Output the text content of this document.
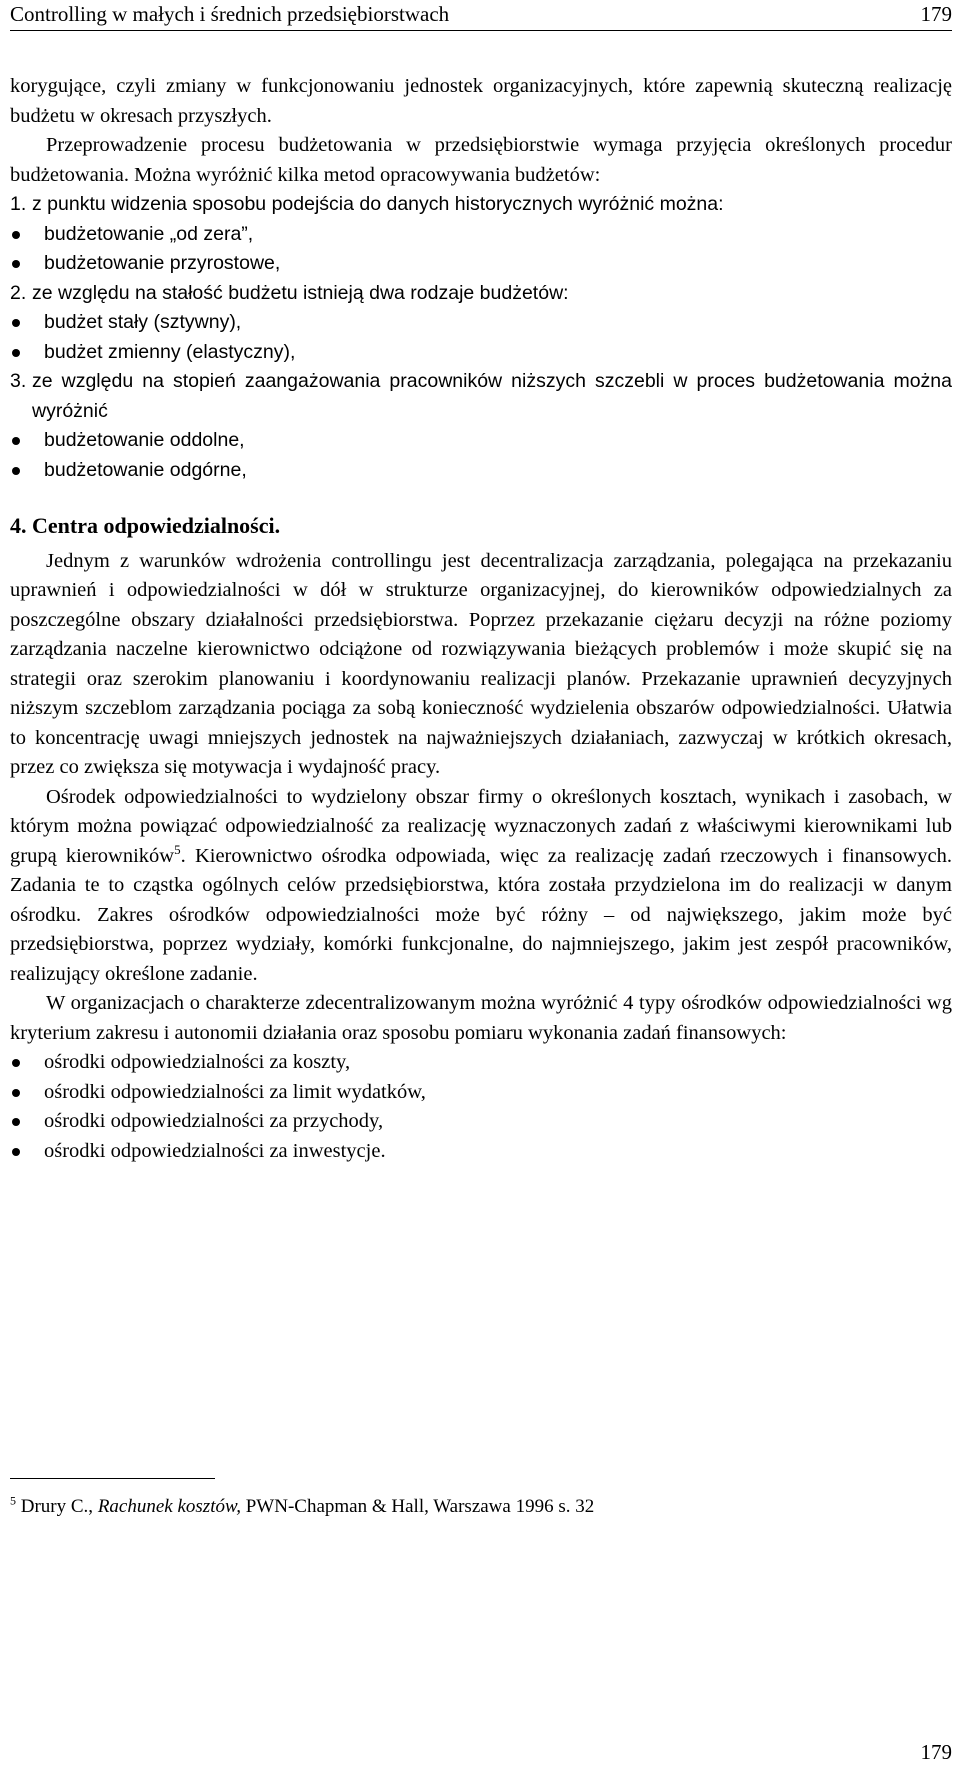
Controlling w małych i średnich przedsiębiorstwach	179

korygujące, czyli zmiany w funkcjonowaniu jednostek organizacyjnych, które zapewnią skuteczną realizację budżetu w okresach przyszłych.

Przeprowadzenie procesu budżetowania w przedsiębiorstwie wymaga przyjęcia określonych procedur budżetowania. Można wyróżnić kilka metod opracowywania budżetów:

1. z punktu widzenia sposobu podejścia do danych historycznych wyróżnić można:
budżetowanie „od zera”,
budżetowanie przyrostowe,
2. ze względu na stałość budżetu istnieją dwa rodzaje budżetów:
budżet stały (sztywny),
budżet zmienny (elastyczny),
3. ze względu na stopień zaangażowania pracowników niższych szczebli w proces budżetowania można wyróżnić
budżetowanie oddolne,
budżetowanie odgórne,
4. Centra odpowiedzialności.

Jednym z warunków wdrożenia controllingu jest decentralizacja zarządzania, polegająca na przekazaniu uprawnień i odpowiedzialności w dół w strukturze organizacyjnej, do kierowników odpowiedzialnych za poszczególne obszary działalności przedsiębiorstwa. Poprzez przekazanie ciężaru decyzji na różne poziomy zarządzania naczelne kierownictwo odciążone od rozwiązywania bieżących problemów i może skupić się na strategii oraz szerokim planowaniu i koordynowaniu realizacji planów. Przekazanie uprawnień decyzyjnych niższym szczeblom zarządzania pociąga za sobą konieczność wydzielenia obszarów odpowiedzialności. Ułatwia to koncentrację uwagi mniejszych jednostek na najważniejszych działaniach, zazwyczaj w krótkich okresach, przez co zwiększa się motywacja i wydajność pracy.

Ośrodek odpowiedzialności to wydzielony obszar firmy o określonych kosztach, wynikach i zasobach, w którym można powiązać odpowiedzialność za realizację wyznaczonych zadań z właściwymi kierownikami lub grupą kierowników$^5$. Kierownictwo ośrodka odpowiada, więc za realizację zadań rzeczowych i finansowych. Zadania te to cząstka ogólnych celów przedsiębiorstwa, która została przydzielona im do realizacji w danym ośrodku. Zakres ośrodków odpowiedzialności może być różny – od największego, jakim może być przedsiębiorstwa, poprzez wydziały, komórki funkcjonalne, do najmniejszego, jakim jest zespół pracowników, realizujący określone zadanie.

W organizacjach o charakterze zdecentralizowanym można wyróżnić 4 typy ośrodków odpowiedzialności wg kryterium zakresu i autonomii działania oraz sposobu pomiaru wykonania zadań finansowych:

ośrodki odpowiedzialności za koszty,
ośrodki odpowiedzialności za limit wydatków,
ośrodki odpowiedzialności za przychody,
ośrodki odpowiedzialności za inwestycje.
$^5$ Drury C., Rachunek kosztów, PWN-Chapman & Hall, Warszawa 1996 s. 32
179
